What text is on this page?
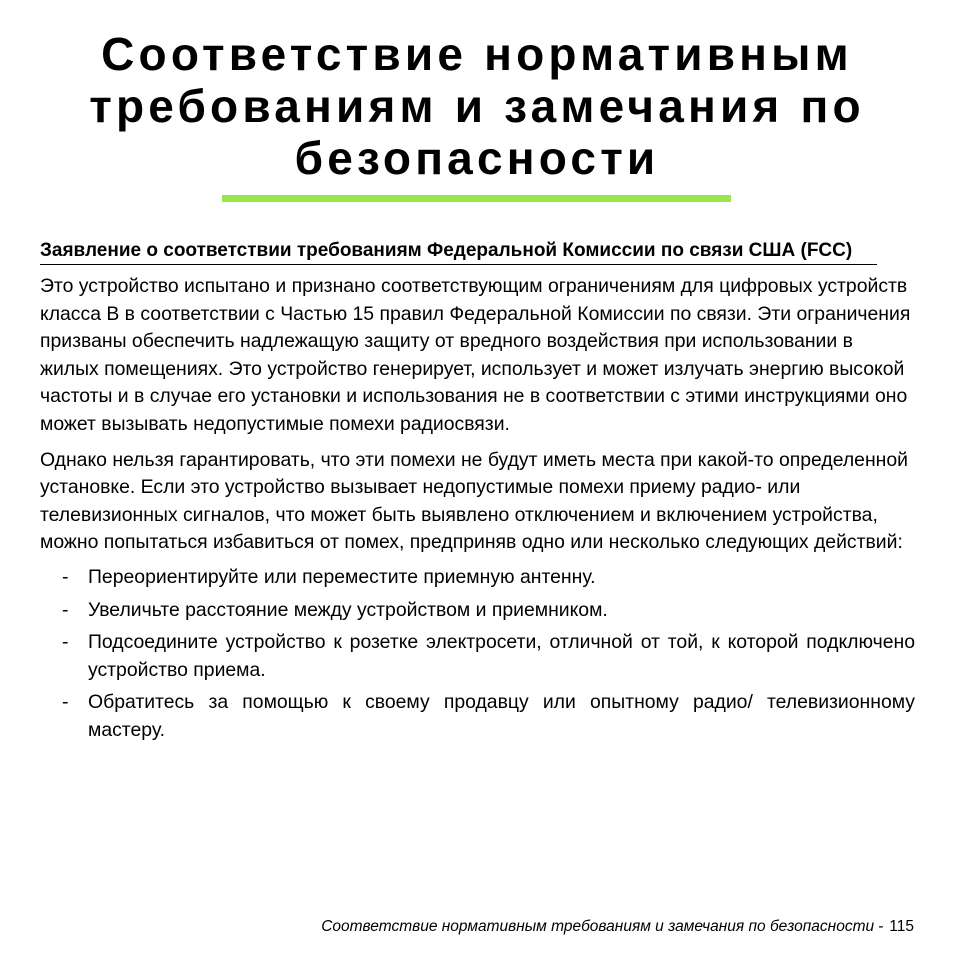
Соответствие нормативным требованиям и замечания по безопасности
Заявление о соответствии требованиям Федеральной Комиссии по связи США (FCC)

Это устройство испытано и признано соответствующим ограничениям для цифровых устройств класса B в соответствии с Частью 15 правил Федеральной Комиссии по связи. Эти ограничения призваны обеспечить надлежащую защиту от вредного воздействия при использовании в жилых помещениях. Это устройство генерирует, использует и может излучать энергию высокой частоты и в случае его установки и использования не в соответствии с этими инструкциями оно может вызывать недопустимые помехи радиосвязи.

Однако нельзя гарантировать, что эти помехи не будут иметь места при какой-то определенной установке. Если это устройство вызывает недопустимые помехи приему радио- или телевизионных сигналов, что может быть выявлено отключением и включением устройства, можно попытаться избавиться от помех, предприняв одно или несколько следующих действий:

- Переориентируйте или переместите приемную антенну.
- Увеличьте расстояние между устройством и приемником.
- Подсоедините устройство к розетке электросети, отличной от той, к которой подключено устройство приема.
- Обратитесь за помощью к своему продавцу или опытному радио/ телевизионному мастеру.
Соответствие нормативным требованиям и замечания по безопасности - 115
